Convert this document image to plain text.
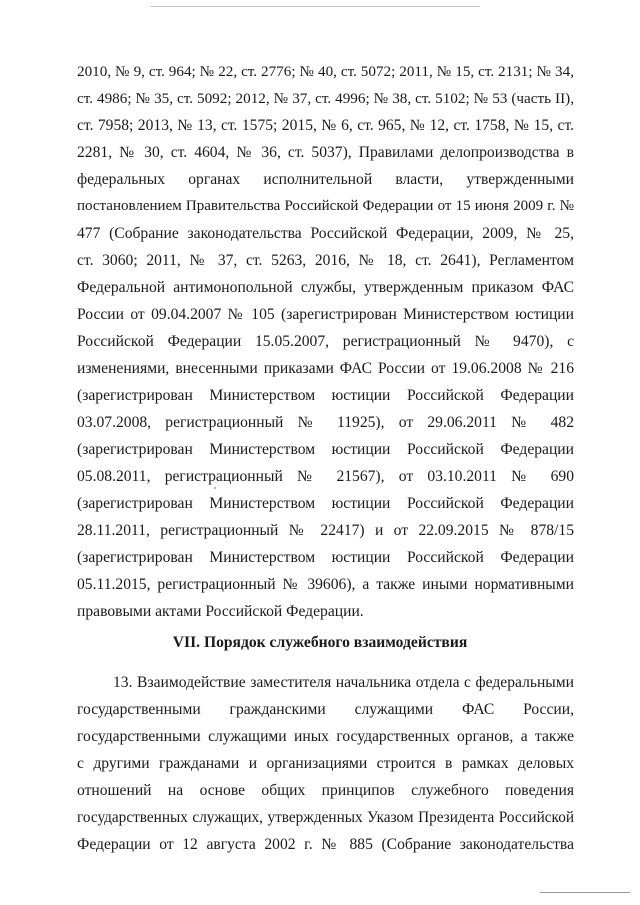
2010, № 9, ст. 964; № 22, ст. 2776; № 40, ст. 5072; 2011, № 15, ст. 2131; № 34,
ст. 4986; № 35, ст. 5092; 2012, № 37, ст. 4996; № 38, ст. 5102; № 53 (часть II),
ст. 7958; 2013, № 13, ст. 1575; 2015, № 6, ст. 965, № 12, ст. 1758, № 15, ст.
2281, № 30, ст. 4604, № 36, ст. 5037), Правилами делопроизводства в
федеральных органах исполнительной власти, утвержденными
постановлением Правительства Российской Федерации от 15 июня 2009 г. №
477 (Собрание законодательства Российской Федерации, 2009, № 25,
ст. 3060; 2011, № 37, ст. 5263, 2016, № 18, ст. 2641), Регламентом
Федеральной антимонопольной службы, утвержденным приказом ФАС
России от 09.04.2007 № 105 (зарегистрирован Министерством юстиции
Российской Федерации 15.05.2007, регистрационный № 9470), с
изменениями, внесенными приказами ФАС России от 19.06.2008 № 216
(зарегистрирован Министерством юстиции Российской Федерации
03.07.2008, регистрационный № 11925), от 29.06.2011 № 482
(зарегистрирован Министерством юстиции Российской Федерации
05.08.2011, регистрационный № 21567), от 03.10.2011 № 690
(зарегистрирован Министерством юстиции Российской Федерации
28.11.2011, регистрационный № 22417) и от 22.09.2015 № 878/15
(зарегистрирован Министерством юстиции Российской Федерации
05.11.2015, регистрационный № 39606), а также иными нормативными
правовыми актами Российской Федерации.
VII. Порядок служебного взаимодействия
13. Взаимодействие заместителя начальника отдела с федеральными
государственными гражданскими служащими ФАС России,
государственными служащими иных государственных органов, а также
с другими гражданами и организациями строится в рамках деловых
отношений на основе общих принципов служебного поведения
государственных служащих, утвержденных Указом Президента Российской
Федерации от 12 августа 2002 г. № 885 (Собрание законодательства
